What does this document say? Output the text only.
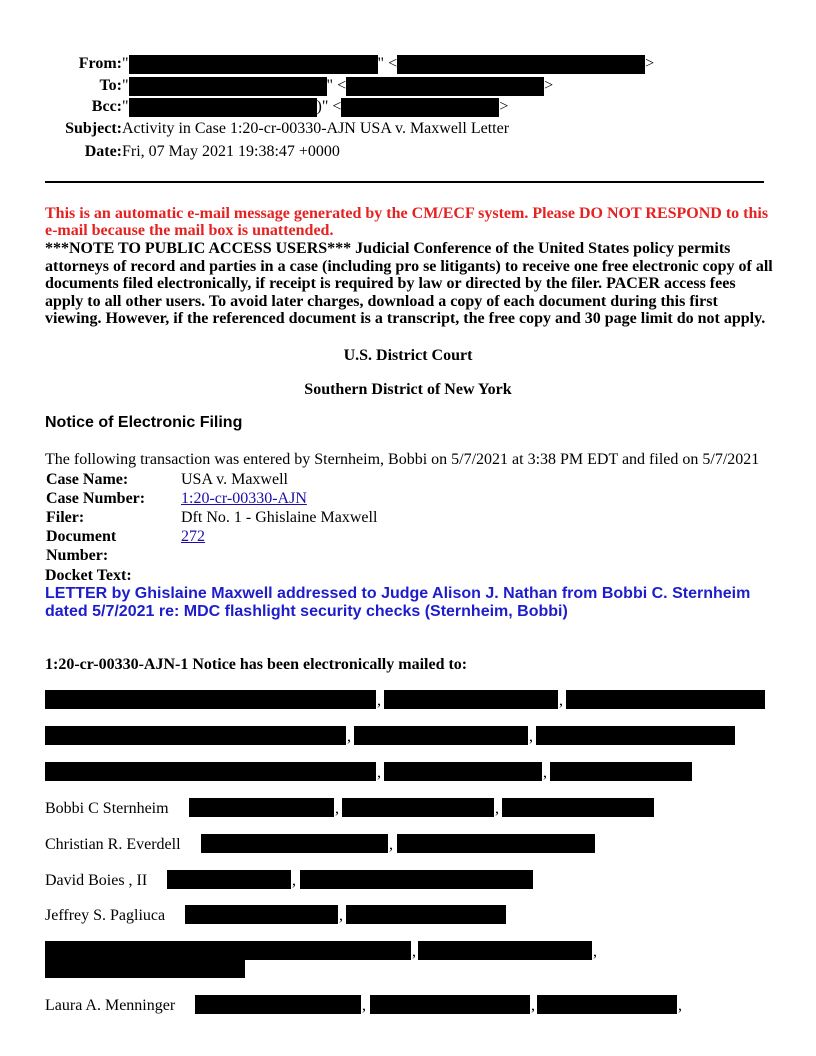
From: "	" <	>
To: "	" <	>
Bcc: "	)" <	>
Subject: Activity in Case 1:20-cr-00330-AJN USA v. Maxwell Letter
Date: Fri, 07 May 2021 19:38:47 +0000
This is an automatic e-mail message generated by the CM/ECF system. Please DO NOT RESPOND to this e-mail because the mail box is unattended.
***NOTE TO PUBLIC ACCESS USERS*** Judicial Conference of the United States policy permits attorneys of record and parties in a case (including pro se litigants) to receive one free electronic copy of all documents filed electronically, if receipt is required by law or directed by the filer. PACER access fees apply to all other users. To avoid later charges, download a copy of each document during this first viewing. However, if the referenced document is a transcript, the free copy and 30 page limit do not apply.
U.S. District Court
Southern District of New York
Notice of Electronic Filing
The following transaction was entered by Sternheim, Bobbi on 5/7/2021 at 3:38 PM EDT and filed on 5/7/2021
Case Name:	USA v. Maxwell
Case Number:	1:20-cr-00330-AJN
Filer:	Dft No. 1 - Ghislaine Maxwell
Document Number:	272
Docket Text:
LETTER by Ghislaine Maxwell addressed to Judge Alison J. Nathan from Bobbi C. Sternheim dated 5/7/2021 re: MDC flashlight security checks (Sternheim, Bobbi)
1:20-cr-00330-AJN-1 Notice has been electronically mailed to:
,	,
,	,
,	,
Bobbi C Sternheim	,	,
Christian R. Everdell	,
David Boies , II	,
Jeffrey S. Pagliuca	,
,	,
Laura A. Menninger	,	,	,
